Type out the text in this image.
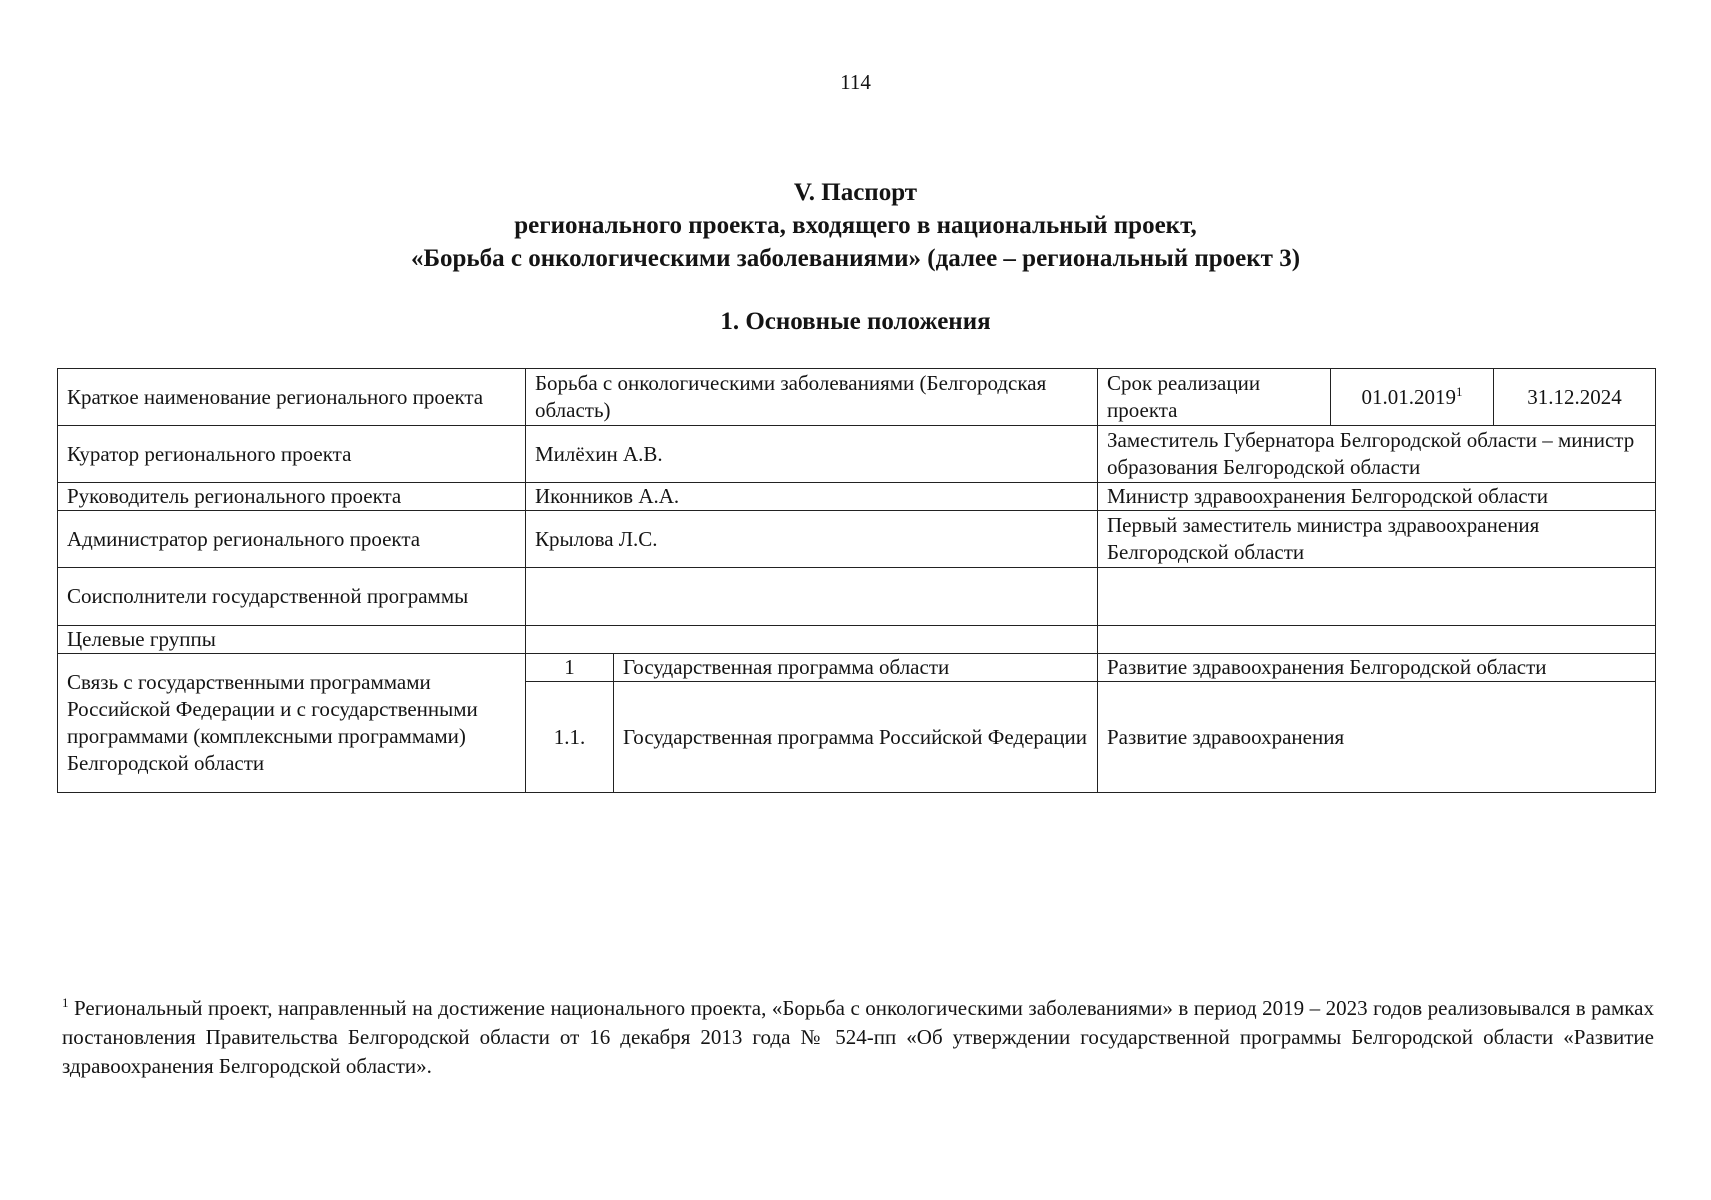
114
V. Паспорт
регионального проекта, входящего в национальный проект,
«Борьба с онкологическими заболеваниями» (далее – региональный проект 3)
1. Основные положения
Краткое наименование регионального проекта	Борьба с онкологическими заболеваниями (Белгородская область)		Срок реализации проекта	01.01.2019$^1$	31.12.2024
Куратор регионального проекта	Милёхин А.В.		Заместитель Губернатора Белгородской области – министр образования Белгородской области		
Руководитель регионального проекта	Иконников А.А.		Министр здравоохранения Белгородской области		
Администратор регионального проекта	Крылова Л.С.		Первый заместитель министра здравоохранения Белгородской области		
Соисполнители государственной программы					
Целевые группы					
Связь с государственными программами Российской Федерации и с государственными программами (комплексными программами) Белгородской области	1	Государственная программа области	Развитие здравоохранения Белгородской области		
	1.1.	Государственная программа Российской Федерации	Развитие здравоохранения		
$^1$ Региональный проект, направленный на достижение национального проекта, «Борьба с онкологическими заболеваниями» в период 2019 – 2023 годов реализовывался в рамках постановления Правительства Белгородской области от 16 декабря 2013 года № 524-пп «Об утверждении государственной программы Белгородской области «Развитие здравоохранения Белгородской области».
